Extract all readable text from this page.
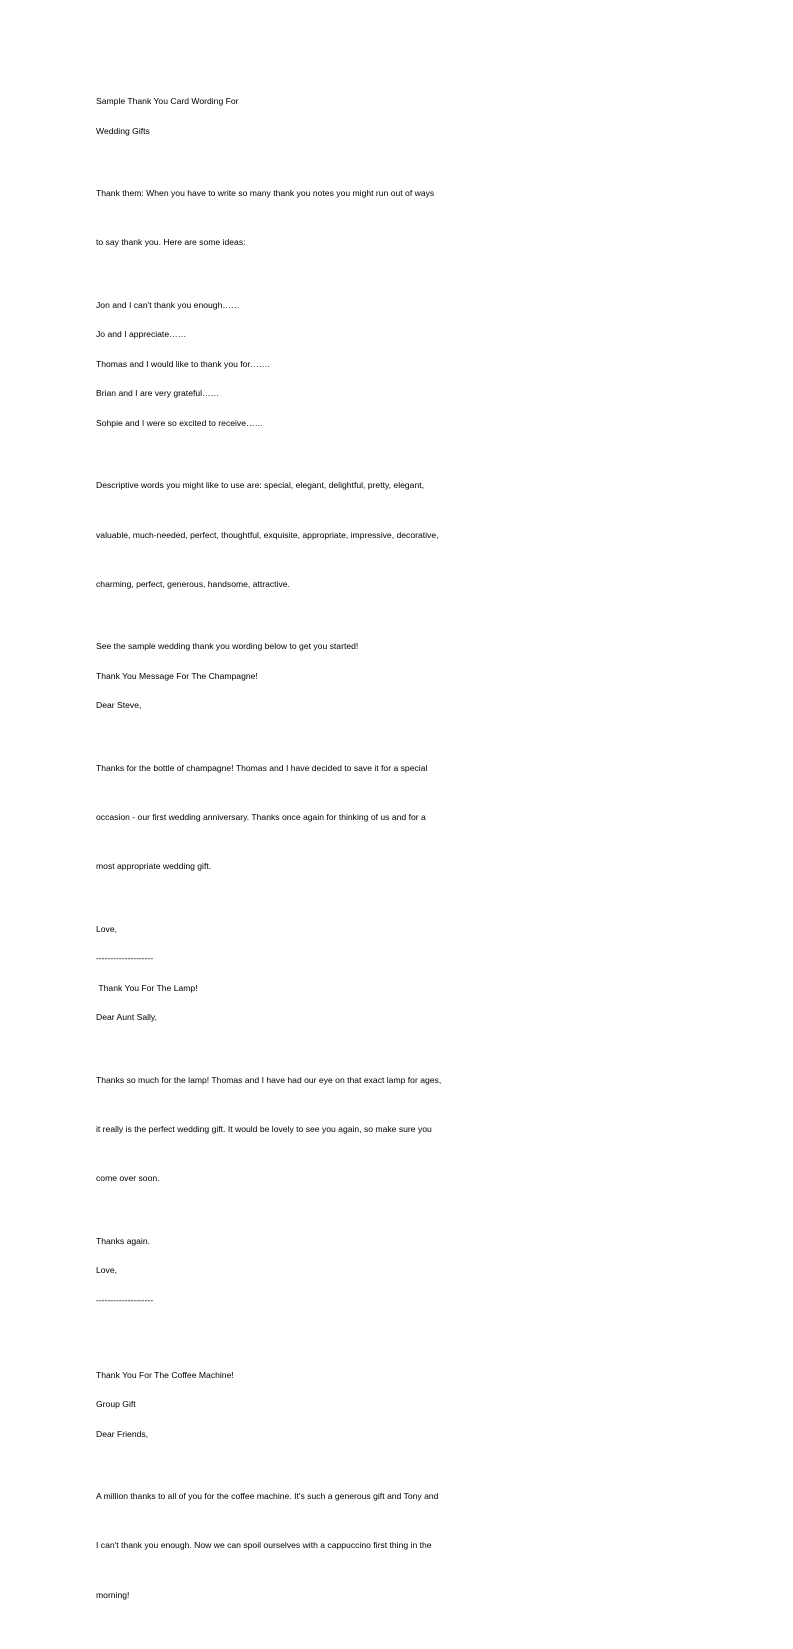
Sample Thank You Card Wording For

Wedding Gifts

Thank them: When you have to write so many thank you notes you might run out of ways

to say thank you. Here are some ideas:

Jon and I can't thank you enough……

Jo and I appreciate……

Thomas and I would like to thank you for…….

Brian and I are very grateful……

Sohpie and I were so excited to receive……

Descriptive words you might like to use are: special, elegant, delightful, pretty, elegant,

valuable, much-needed, perfect, thoughtful, exquisite, appropriate, impressive, decorative,

charming, perfect, generous, handsome, attractive.

See the sample wedding thank you wording below to get you started!

Thank You Message For The Champagne!

Dear Steve,

Thanks for the bottle of champagne! Thomas and I have decided to save it for a special

occasion - our first wedding anniversary. Thanks once again for thinking of us and for a

most appropriate wedding gift.

Love,

--------------------

Thank You For The Lamp!

Dear Aunt Sally,

Thanks so much for the lamp! Thomas and I have had our eye on that exact lamp for ages,

it really is the perfect wedding gift. It would be lovely to see you again, so make sure you

come over soon.

Thanks again.

Love,

--------------------

Thank You For The Coffee Machine!

Group Gift

Dear Friends,

A million thanks to all of you for the coffee machine. It's such a generous gift and Tony and

I can't thank you enough. Now we can spoil ourselves with a cappuccino first thing in the

morning!
